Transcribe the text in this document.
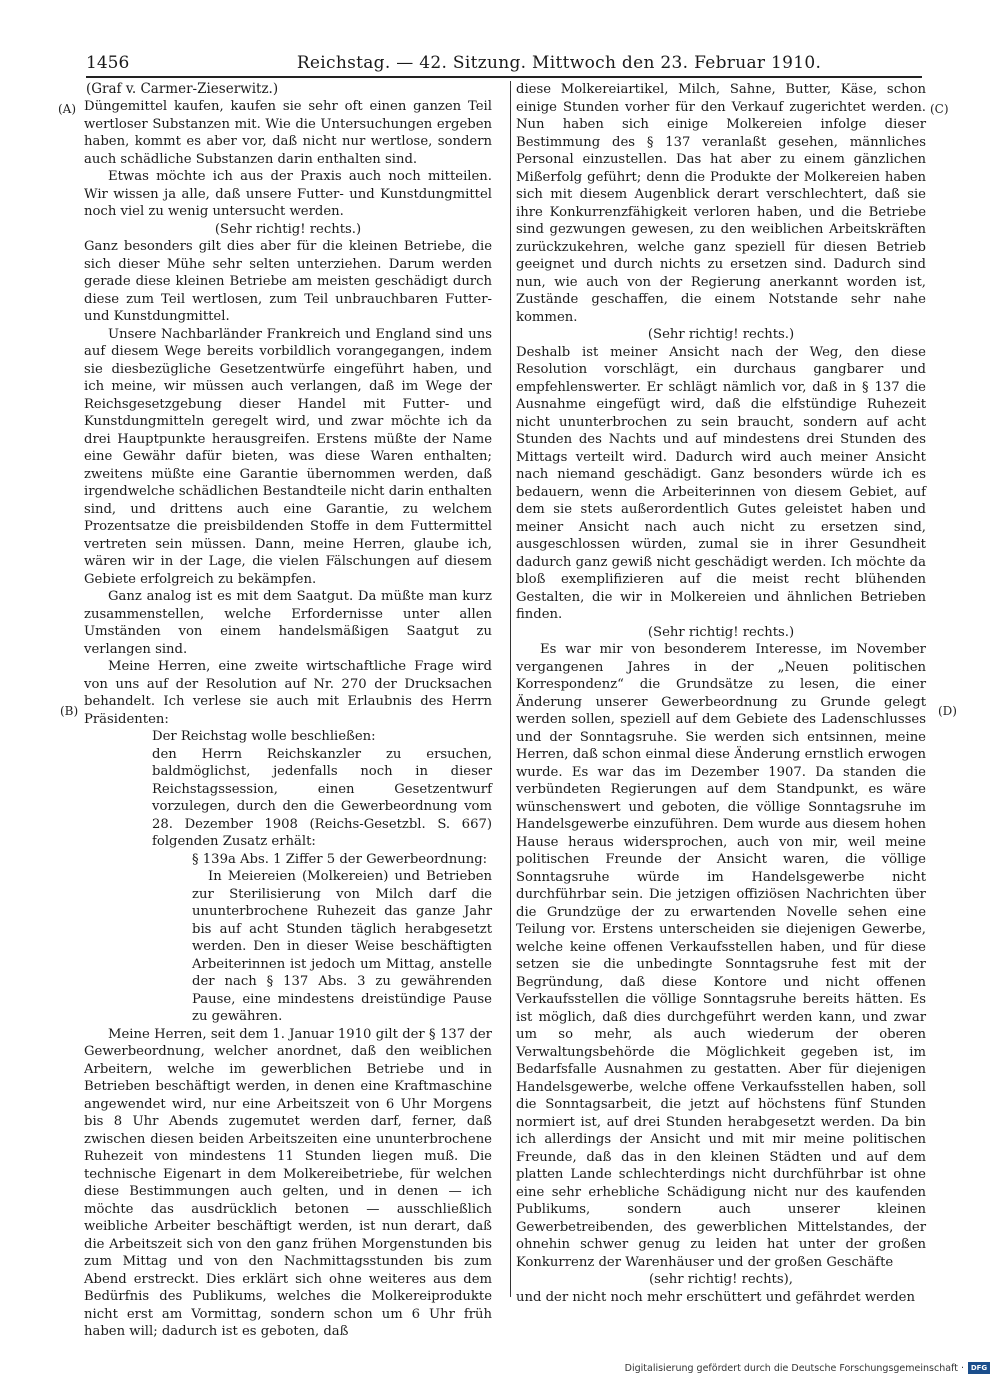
1456	Reichstag. — 42. Sitzung. Mittwoch den 23. Februar 1910.
(Graf v. Carmer-Zieserwitz.)
(A)
(B)
(C)
(D)

Düngemittel kaufen, kaufen sie sehr oft einen ganzen Teil wertloser Substanzen mit. Wie die Untersuchungen ergeben haben, kommt es aber vor, daß nicht nur wertlose, sondern auch schädliche Substanzen darin enthalten sind.

Etwas möchte ich aus der Praxis auch noch mitteilen. Wir wissen ja alle, daß unsere Futter- und Kunstdungmittel noch viel zu wenig untersucht werden.

(Sehr richtig! rechts.)

Ganz besonders gilt dies aber für die kleinen Betriebe, die sich dieser Mühe sehr selten unterziehen. Darum werden gerade diese kleinen Betriebe am meisten geschädigt durch diese zum Teil wertlosen, zum Teil unbrauchbaren Futter- und Kunstdungmittel.

Unsere Nachbarländer Frankreich und England sind uns auf diesem Wege bereits vorbildlich vorangegangen, indem sie diesbezügliche Gesetzentwürfe eingeführt haben, und ich meine, wir müssen auch verlangen, daß im Wege der Reichsgesetzgebung dieser Handel mit Futter- und Kunstdungmitteln geregelt wird, und zwar möchte ich da drei Hauptpunkte herausgreifen. Erstens müßte der Name eine Gewähr dafür bieten, was diese Waren enthalten; zweitens müßte eine Garantie übernommen werden, daß irgendwelche schädlichen Bestandteile nicht darin enthalten sind, und drittens auch eine Garantie, zu welchem Prozentsatze die preisbildenden Stoffe in dem Futtermittel vertreten sein müssen. Dann, meine Herren, glaube ich, wären wir in der Lage, die vielen Fälschungen auf diesem Gebiete erfolgreich zu bekämpfen.

Ganz analog ist es mit dem Saatgut. Da müßte man kurz zusammenstellen, welche Erfordernisse unter allen Umständen von einem handelsmäßigen Saatgut zu verlangen sind.

Meine Herren, eine zweite wirtschaftliche Frage wird von uns auf der Resolution auf Nr. 270 der Drucksachen behandelt. Ich verlese sie auch mit Erlaubnis des Herrn Präsidenten:

Der Reichstag wolle beschließen:

den Herrn Reichskanzler zu ersuchen, baldmöglichst, jedenfalls noch in dieser Reichstagssession, einen Gesetzentwurf vorzulegen, durch den die Gewerbeordnung vom 28. Dezember 1908 (Reichs-Gesetzbl. S. 667) folgenden Zusatz erhält:

§ 139a Abs. 1 Ziffer 5 der Gewerbeordnung:

In Meiereien (Molkereien) und Betrieben zur Sterilisierung von Milch darf die ununterbrochene Ruhezeit das ganze Jahr bis auf acht Stunden täglich herabgesetzt werden. Den in dieser Weise beschäftigten Arbeiterinnen ist jedoch um Mittag, anstelle der nach § 137 Abs. 3 zu gewährenden Pause, eine mindestens dreistündige Pause zu gewähren.

Meine Herren, seit dem 1. Januar 1910 gilt der § 137 der Gewerbeordnung, welcher anordnet, daß den weiblichen Arbeitern, welche im gewerblichen Betriebe und in Betrieben beschäftigt werden, in denen eine Kraftmaschine angewendet wird, nur eine Arbeitszeit von 6 Uhr Morgens bis 8 Uhr Abends zugemutet werden darf, ferner, daß zwischen diesen beiden Arbeitszeiten eine ununterbrochene Ruhezeit von mindestens 11 Stunden liegen muß. Die technische Eigenart in dem Molkereibetriebe, für welchen diese Bestimmungen auch gelten, und in denen — ich möchte das ausdrücklich betonen — ausschließlich weibliche Arbeiter beschäftigt werden, ist nun derart, daß die Arbeitszeit sich von den ganz frühen Morgenstunden bis zum Mittag und von den Nachmittagsstunden bis zum Abend erstreckt. Dies erklärt sich ohne weiteres aus dem Bedürfnis des Publikums, welches die Molkereiprodukte nicht erst am Vormittag, sondern schon um 6 Uhr früh haben will; dadurch ist es geboten, daß

diese Molkereiartikel, Milch, Sahne, Butter, Käse, schon einige Stunden vorher für den Verkauf zugerichtet werden. Nun haben sich einige Molkereien infolge dieser Bestimmung des § 137 veranlaßt gesehen, männliches Personal einzustellen. Das hat aber zu einem gänzlichen Mißerfolg geführt; denn die Produkte der Molkereien haben sich mit diesem Augenblick derart verschlechtert, daß sie ihre Konkurrenzfähigkeit verloren haben, und die Betriebe sind gezwungen gewesen, zu den weiblichen Arbeitskräften zurückzukehren, welche ganz speziell für diesen Betrieb geeignet und durch nichts zu ersetzen sind. Dadurch sind nun, wie auch von der Regierung anerkannt worden ist, Zustände geschaffen, die einem Notstande sehr nahe kommen.

(Sehr richtig! rechts.)

Deshalb ist meiner Ansicht nach der Weg, den diese Resolution vorschlägt, ein durchaus gangbarer und empfehlenswerter. Er schlägt nämlich vor, daß in § 137 die Ausnahme eingefügt wird, daß die elfstündige Ruhezeit nicht ununterbrochen zu sein braucht, sondern auf acht Stunden des Nachts und auf mindestens drei Stunden des Mittags verteilt wird. Dadurch wird auch meiner Ansicht nach niemand geschädigt. Ganz besonders würde ich es bedauern, wenn die Arbeiterinnen von diesem Gebiet, auf dem sie stets außerordentlich Gutes geleistet haben und meiner Ansicht nach auch nicht zu ersetzen sind, ausgeschlossen würden, zumal sie in ihrer Gesundheit dadurch ganz gewiß nicht geschädigt werden. Ich möchte da bloß exemplifizieren auf die meist recht blühenden Gestalten, die wir in Molkereien und ähnlichen Betrieben finden.

(Sehr richtig! rechts.)

Es war mir von besonderem Interesse, im November vergangenen Jahres in der „Neuen politischen Korrespondenz“ die Grundsätze zu lesen, die einer Änderung unserer Gewerbeordnung zu Grunde gelegt werden sollen, speziell auf dem Gebiete des Ladenschlusses und der Sonntagsruhe. Sie werden sich entsinnen, meine Herren, daß schon einmal diese Änderung ernstlich erwogen wurde. Es war das im Dezember 1907. Da standen die verbündeten Regierungen auf dem Standpunkt, es wäre wünschenswert und geboten, die völlige Sonntagsruhe im Handelsgewerbe einzuführen. Dem wurde aus diesem hohen Hause heraus widersprochen, auch von mir, weil meine politischen Freunde der Ansicht waren, die völlige Sonntagsruhe würde im Handelsgewerbe nicht durchführbar sein. Die jetzigen offiziösen Nachrichten über die Grundzüge der zu erwartenden Novelle sehen eine Teilung vor. Erstens unterscheiden sie diejenigen Gewerbe, welche keine offenen Verkaufsstellen haben, und für diese setzen sie die unbedingte Sonntagsruhe fest mit der Begründung, daß diese Kontore und nicht offenen Verkaufsstellen die völlige Sonntagsruhe bereits hätten. Es ist möglich, daß dies durchgeführt werden kann, und zwar um so mehr, als auch wiederum der oberen Verwaltungsbehörde die Möglichkeit gegeben ist, im Bedarfsfalle Ausnahmen zu gestatten. Aber für diejenigen Handelsgewerbe, welche offene Verkaufsstellen haben, soll die Sonntagsarbeit, die jetzt auf höchstens fünf Stunden normiert ist, auf drei Stunden herabgesetzt werden. Da bin ich allerdings der Ansicht und mit mir meine politischen Freunde, daß das in den kleinen Städten und auf dem platten Lande schlechterdings nicht durchführbar ist ohne eine sehr erhebliche Schädigung nicht nur des kaufenden Publikums, sondern auch unserer kleinen Gewerbetreibenden, des gewerblichen Mittelstandes, der ohnehin schwer genug zu leiden hat unter der großen Konkurrenz der Warenhäuser und der großen Geschäfte

(sehr richtig! rechts),

und der nicht noch mehr erschüttert und gefährdet werden

Digitalisierung gefördert durch die Deutsche Forschungsgemeinschaft · DFG
